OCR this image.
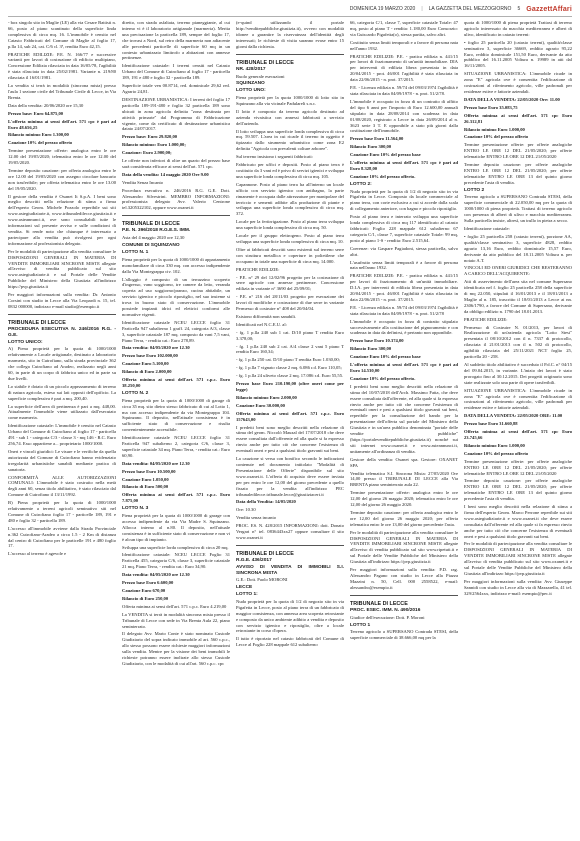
DOMENICA 19 MARZO 2020 | LA GAZZETTA DEL MEZZOGIORNO 5 GazzettAffari

- box singolo sito in Maglie (LE) alla via Cesare Battisti n. 66, posto al piano scantinato della superficie linda complessiva di circa mq. 16. L'immobile è censito nel Catasto Fabbricati del Comune di Maglie al foglio 17, p.lla 14, sub 24, cat. C/6 cl. 3ª, rendita Euro 42,15.

PRATICHE EDILIZIE: P.E. N. 166/77 e successive varianti per lavori di costruzione di edificio multipiano, Concessione Edilizia rilasciata in data 16/05/78, l'agibilità è stata rilasciata in data 25/02/1981. Variante n. 219/80 rilasciata il 16/01/1981.

La vendita si terrà in modalità (sincrona mista) presso l'aula 1 sezione civile del Tribunale Civile di Lecce, in Via Brenta.

Data della vendita: 20/06/2020 ore 15,30

Prezzo base: Euro 64.875,00

L'offerta minima ai sensi dell'art. 571 cpc è pari ad Euro 48.656,25

Rilancio minimo Euro 1.300,00

Cauzione 10% del prezzo offerto

Termine presentazione offerte: analogica entro le ore 12.00 del 19/05/2020; telematica entro le ore 12.00 del 19/05/2020.

Termine deposito cauzione: per offerta analogica entro le ore 12.00 del 19/05/2020 con assegno circolare bancario non trasferibile; per offerta telematica entro le ore 13.00 del 19/05/2020.

Il gestore della vendita è Oxanet It S.p.A. I beni sono meglio descritti nella relazione di stima a firma dell'esperto Geom. Michele Pozzolo reperibile sui siti www.astegiudiziarie.it, www.tribunaledilecce.giustizia.it e www.asteannunci.it, ove sono consultabili tutte le informazioni sul presente avviso e sulle condizioni di vendita. Si rende noto che chiunque è interessato a partecipare alla vendita può rivolgersi per ogni informazione al professionista delegato.

Per le modalità di partecipazione alla vendita consultare le DISPOSIZIONI GENERALI IN MATERIA DI VENDITE IMMOBILIARI SINCRONE MISTE allegate all'avviso di vendita pubblicato sul sito www.astegiudiziarie.it e sul Portale delle Vendite Pubbliche del Ministero della Giustizia all'indirizzo https://pvp.giustizia.it

Per maggiori informazioni sulla vendita: Dr. Antonio Corsini con studio in Lecce alla Via Leopardi n. 15, tel. 0832 000000, indirizzo e-mail studio@esempio.it

TRIBUNALE DI LECCE
PROCEDURA ESECUTIVA N. 246/2016 R.G. - G.E.
LOTTO UNICO:

A) Piena proprietà per la quota di 1000/1000 relativamente a Locale artigianale, destinato a laboratorio marmeria, sito in Cutrofiano, sulla strada provinciale 362 che collega Cutrofiano ad Aradeo, realizzato negli anni 60, in parte di un corpo di fabbrica unico ed in parte su due livelli.

Lo stabile è dotato di un piccolo appezzamento di terreno di natura agricola, esteso sui lati opposti dell'opificio. La superficie complessiva è pari a mq. 200,40.

La superficie dell'area di pertinenza è pari a mq. 448,00. Attualmente l'immobile viene utilizzato dall'esecutato come marmeria.

Identificazione catastale: L'immobile è censito nel Catasto Urbano del Comune di Cutrofiano al foglio 17 - particella 491 - sub 1 - categoria C/3 - classe 3 - mq 146 - R.C. Euro 256,74. Esso appartiene a... proprietario 1000/1000.

Oneri e vincoli giuridici: Le visure e le verifiche da quella autorizzata del Comune di Cutrofiano hanno evidenziato irregolarità urbanistiche sanabili mediante pratica di sanatoria.

CONFORMITÀ ALLE AUTORIZZAZIONI COMUNALI: L'immobile è stato costruito nella metà degli anni 60, senza titolo abilitativo, è stato rilasciato dal Comune di Cutrofiano il 13/11/1992.

B) Piena proprietà per la quota di 1000/1000 relativamente a terreni agricoli seminativo siti nel Comune di Cutrofiano foglio 17 - particelle 189, 191 e 480 e foglio 32 - particella 189.

L'accesso all'immobile avviene dalla Strada Provinciale n.362 Cutrofiano-Aradeo a circa 1.5 - 2 Km di distanza dal centro di Cutrofiano per le particelle 191 e 480 foglio 17.

L'accesso al terreno è agevole e

diretto, con strada asfaltata, terreno pianeggiante, al cui interno vi è il laboratorio artigianale (marmeria). Merita una precisazione la particella 189, sempre del foglio 17, che trovasi a Nord, sul retro della marmeria non adiacente alle precedenti particelle di superficie 60 mq in un contesto urbanizzato limitrofo a abitazioni con annesse pertinenze.

Identificazione catastale: I terreni censiti nel Catasto Urbano del Comune di Cutrofiano al foglio 17 - particella 189, 191 e 480 e foglio 32 - particella 189.

Superficie totale ven 00.8714, red. dominicale 29,62 red. Agrario 24,81.

DESTINAZIONE URBANISTICA: I terreni del foglio 17 particella 189-191-480 e foglio 32 particella 189 sono ubicati in zona agricola definita "zona destinata per attività primarie" dal Programma di Fabbricazione vigente, come da certificato di destinazione urbanistica datato 24/07/2017.

Prezzo base: Euro 29.820,00

Rilancio minimo: Euro 1.000,00;

Cauzione: Euro 2.900,00;

Le offerte non inferiori di oltre un quarto del prezzo base sarà considerata efficace ai sensi dell'art. 571 cpc.

Data della vendita: 14 maggio 2020 Ore 9.00

Vendita Senza Incanto

Procedura esecutiva n. 246/2016 R.G. G.E. Dott. Alessandro Silvestrini. MEMBRO INFORMAZIONI: professionista delegato Avv. Valerio Centrone tel.3205322102, oppure www.oxanet.it

TRIBUNALE DI LECCE
P.E. N. 396/2018 R.G.E.S. IMM.

Asta del 4 maggio 2020 ore 12,30

COMUNE DI SQUINZANO
LOTTO N. 1

Piena proprietà per la quota di 1000/1000 di appartamento monofamiliare di circa 330 mq. con accesso indipendente dalla Via Montegrappa civ. 102.

L'alloggio è composto di un terrazzino scoperto d'ingresso, vano soggiorno, tre camere da letto, veranda coperta ad uso soggiorno/pranzo, cucina abitabile, un servizio igienico e piccolo ripostiglio, nel suo insieme si trova in buono stato di conservazione. L'immobile possiede impianti idrici ed elettrici conformi alle normative vigenti.

Identificazione catastale NCEU LECCE foglio 31 Particella 947 subalterno 1 graff. 24, categoria A/3, classe 3, superficie catastale 187 mq. composto da vani 7,5 vani, Piano Terra, - rendita cat.: Euro 278,89.

Data vendita: 04/05/2020 ore 12.30

Prezzo base Euro 102.000,00

Cauzione Euro 5.100,00

Rilancio di Euro 2.000,00

Offerta minima ai sensi dell'art. 571 c.p.c. Euro 38.250,00

LOTTO N. 2

Piena proprietà per la quota di 1000/1000 di garage di circa 35 mq. sito dietro stesso fabbricato di cui al Lotto 1, ma con accesso indipendente da via Montegrappa 104. Squinzano. Il deposito, nell'attuale consistenza è in sufficiente stato di conservazione e risulta convenientemente accessibile.

Identificazione catastale NCEU LECCE foglio 31 Particella 947 subalterno 2, categoria C/6, classe 3, superficie catastale 34 mq. Piano Terra, - rendita cat.: Euro 60,90.

Data vendita: 04/05/2020 ore 12.30

Prezzo base Euro 10.500,00

Cauzione Euro 1.050,00

Rilancio di Euro 500,00

Offerta minima ai sensi dell'art. 571 c.p.c. Euro 7.875,00

LOTTO N. 3

Piena proprietà per la quota di 1000/1000 di garage con accesso indipendente da via Via Madre S. Squinzano. Allocca interno al n.80. Il deposito, nell'attuale consistenza è in sufficiente stato di conservazione e non vi è alcun tipo di impianto.

Sviluppa una superficie lorda complessiva di circa 20 mq.

Identificazione catastale: NCEU LECCE Foglio 31 Particella 455, categoria C/6, classe 3, superficie catastale 21 mq, Piano Terra, - rendita cat.: Euro 34,90.

Data vendita: 04/05/2020 ore 12.30

Prezzo base Euro 6.600,00

Cauzione Euro 670,00

Rilancio di Euro 250,00

Offerta minima ai sensi dell'art. 571 c.p.c. Euro 4.219,00

La VENDITA si terrà in modalità sincrona mista presso il Tribunale di Lecce con sede in Via Brenta Aula 22, piano seminterrato.

Il delegato Avv. Mario Conte è stato nominato Custode Giudiziario del sopra indicato immobile al art. 560 c.p.c., allo stesso possono essere richieste maggiori informazioni sulla vendita. Mentre per la visione dei beni immobili le richieste potranno essere inoltrate allo stesso Custode Giudiziario, con le modalità di cui all'art. 560 c.p.c. cpc

(e-quind utilizzando il portale http://venditepubbliche.giustizia.it), ovvero con modalità idonee a garantire la riservatezza dell'identità degli interessati; le richieste di visita saranno evase entro 15 giorni dalla richiesta.

TRIBUNALE DI LECCE
NR. 428/2017

Ruolo generale esecuzioni

SQUINZANO
LOTTO UNO:

Piena proprietà per la quota 1000/1000 di lotto sito in Squinzano alla via vicinale Padulareli s.n.c.

Il lotto è composto da terreno agricolo destinato ad azienda vivaistica con annessi fabbricati a servizio dell'azienda.

Il lotto sviluppa una superficie londa complessiva di circa mq. 59.507. L'area in cui ricade il terreno in oggetto è tipizzato dallo strumento urbanistico come zona E2 definita "Agricola con prevalenti colture arboree".

Sul terreno insistono i seguenti fabbricati:

Fabbricato per uffici e depositi. Posto al piano terra è costituito da 3 vani ed è privo di servizi igienici e sviluppa una superficie londa complessiva di circa mq. 105.

Capannone. Posto al piano terra ha all'interno un locale ufficio con servizio igienico con antibagno, la parte rimanente è occupata dalle attrezzature per manipolare del terriccio e sementi adibite alla produzione di piante e sviluppa una superficie londa complessiva di circa mq. 372.

Locale per la fertirrigazione. Posto al piano terra sviluppa una superficie londa complessiva di circa mq. 50.

Locale per il gruppo elettrogeno. Posto al piano terra sviluppa una superficie londa complessiva di circa mq. 10.

Oltre ai fabbricati descritti sono esistenti sul terreno serre con struttura metallica e coperture in polietilene che occupano in totale una superficie di circa mq. 14.000.

PRATICHE EDILIZIE:

- P.E. n° 29 del 12/02/96 progetto per la costruzione di serre agricole con annesse pertinenze. Concessione edilizia in variante n° 3690 del 25/09/01;

- P.E. n° 216 del 28/11/03 progetto per esecuzione dei lavori di modifiche e costruzione di due serre in variante Permesso di costruire n° 408 del 20/04/04.

Esistono difformità non sanabili.

Identificati nel N.C.E.U. al:

- fg. 1 p.lla 240 sub 1 cat. D/10 piano T rendita Euro 3.378,00;

- fg. 1 p.lla 240 sub 2 cat. A/4 classe 2 vani 5 piano T rendita Euro 160,34;

- fg. 1 p.lla 250 cat. D/10 piano T rendita Euro 1.030,00;

- fg. 1 p.lla 7 vignato classe 2 mq. 6.086 r.d. Euro 110,05;

- fg. 1 p.lla 24 uliveto classe 2 mq. 17.086 r.d. Euro 55,55.

Prezzo base Euro 210.190,00 (oltre oneri come per legge)

Rilancio minimo Euro 2.000,00

Cauzione Euro 30.000,00

Offerta minima ai sensi dell'art. 571 c.p.c. Euro 157643,00

I predetti beni sono meglio descritti nella relazione di stima del geom. Niccolò Mauzal del 17/07/2018 che deve essere consultata dall'offerente ed alla quale si fa espresso rinvio anche per tutto ciò che concerne l'esistenza di eventuali oneri e pesi a qualsiasi titolo gravanti sui beni.

La cauzione si versa con bonifico secondo le indicazioni contenute nel documento intitolato "Modalità di Presentazione delle Offerte" disponibile sul sito www.oxanet.it. L'offerta di acquisto deve essere inviata per pec entro le ore 12,00 del giorno precedente a quello fissato per la vendita all'indirizzo PEC tribunaledilecce.tribunale.lecce@giustiziacert.it

Data della Vendita: 14/05/2020

Ore: 10.30

Vendita senza incanto

PROC. ES. N. 428/2015 INFORMAZIONI: dott. Donato Vergari n° tel. 0836443xx27 oppure consultare il sito www.oxanet.it

TRIBUNALE DI LECCE
R.G.E. 436/2017
AVVISO DI VENDITA DI IMMOBILI S.I. SINCRONA MISTA

G.E.: Dott. Paolo MORONI

LECCE
LOTTO 1:

Nuda proprietà per la quota di 1/2 di negozio sito in via Pigafetta in Lecce, posto al piano terra di un fabbricato di maggior consistenza, con annessa area scoperta retrostante e composto da unico ambiente adibito a vendita e deposito con servizio igienico e ripostiglio, oltre a locale retrostante in corso d'opera.

Il tutto è riportato nel catasto fabbricati del Comune di Lecce al Foglio 228 mappale 612 subalterno

66, categoria C/1, classe 7, superficie catastale Totale: 47 mq, posto al piano T - rendita: 1.180,00 Euro Consorzio: via Guiscardo Pigafetta(o), stessa partita, salvo altri.

Costituito senza limiti temporali e a favore di persona nata nell'anno 1932.

PRATICHE EDILIZIE: P.E. - pratica edilizia n. 441/15 per lavori di frazionamento di un'unità immobiliare. DIA per interventi di edilizia libera presentata in data 20/04/2015 - prot. 46/001 l'agibilità è stata rilasciata in data 22/06/2015 - n. prot. 37/2015.

P.E. - Licenza edilizia n. 59/74 del 09/03/1974 l'agibilità è stata rilasciata in data 04/09/1978 - n. prot. 51/2/78.

L'immobile è occupato in forza di un contratto di affitto del tipo 6 anni per l'importo di Euro 12.600,00 annuali stipulato in data 28/08/2014 con scadenza in data 01/08/2020, registrato a Lecce in data 26/09/2014 al n. 3623 serie 3 T. E opponibile a stato più giorni dalla costituzione dell'immobile.

Prezzo base Euro 11.564,00

Rilancio Euro 300,00

Cauzione Euro 10% del prezzo base

L'offerta minima ai sensi dell'art. 571 cpc è pari ad Euro 8.328,00

Cauzione 10% del prezzo offerto.

LOTTO 2:

Nuda proprietà per la quota di 1/2 di negozio sito in via Pigafetta in Lecce. Composto da locale commerciale al piano terra, con corte esclusiva a cui si accede dalla scala di collegamento anteriore, con bagno e piccolo ripostiglio.

Posto al piano terra e interrato sviluppa una superficie londa complessiva di circa mq 117 identificato al catasto fabbricati: Foglio 228 mappale 612 subalterno 67 categoria C/1, classe 7, superficie catastale Totale: 99 mq, posto al piano 1-S - rendita: Euro 2.515,64.

Coerenze: via Gaspare Pagiadoni, stessa particella, salvo altri.

L'usufrutto senza limiti temporali è a favore di persona nata nell'anno 1932.

PRATICHE EDILIZIE: P.E. - pratica edilizia n. 441/15 per lavori di frazionamento di un'unità immobiliare. D.I.A. per interventi di edilizia libera presentata in data 20/04/2015 - prot. 46/001 l'agibilità è stata rilasciata in data 22/06/2015 - n. prot. 37/2015.

P.E. - Licenza edilizia n. 59/74 del 09/03/1974 l'agibilità è stata rilasciata in data 04/09/1978 - n. prot. 51/2/78

L'immobile è occupato in forza di contratto stipulato successivamente alla costituzione del pignoramento e con scadenza in data da definirsi, è pertanto non opponibile.

Prezzo base Euro 10.374,00

Rilancio Euro 300,00

Cauzione Euro 10% del prezzo base

L'offerta minima ai sensi dell'art. 571 cpc è pari ad Euro 14.530,00

Cauzione 10% del prezzo offerto.

I predetti beni sono meglio descritti nella relazione di stima del 10/07/2018 dell'Arch. Massimo Fatta, che deve essere consultata dall'offerente, ed alla quale si fa espresso rinvio anche per tutto ciò che concerne l'esistenza di eventuali oneri e pesi a qualsiasi titolo gravanti sui beni, reperibile per la consultazione del bando per la presentazione dell'offerta sul portale del Ministero della Giustizia e in un'area pubblica denominata "portale delle vendite pubbliche" (https://portalevenditepubbliche.giustizia.it) nonché sui siti internet www.oxanet.it e www.asteannunci.it, unitamente all'ordinanza di vendita.

Gestore della vendita: Oxanet spa. Gestore: OXANET SPA

Vendita telematica S.I. Sincrona Mista: 27/05/2020 Ore 14,00 presso il TRIBUNALE DI LECCE alla Via BRENTA piano seminterrato aula 22.

Termine presentazione offerte: analogica entro le ore 12,00 del giorno 26 maggio 2020; telematica entro le ore 12,00 del giorno 26 maggio 2020.

Termine deposito cauzione: per offerta analogica entro le ore 12,00 del giorno 26 maggio 2020; per offerta telematica entro le ore 13,00 del giorno precedente l'asta.

Per le modalità di partecipazione alla vendita consultare le DISPOSIZIONI GENERALI IN MATERIA DI VENDITE IMMOBILIARI SINCRONE MISTE allegate all'avviso di vendita pubblicato sul sito www.ripetuti.it e sul Portale delle Vendite Pubbliche del Ministero della Giustizia all'indirizzo https://pvp.giustizia.it

Per maggiori informazioni sulla vendita: P.D. rag. Alessandro Pagano con studio in Lecce alla Piazza Mazzini n. 50, Cell. 000 2558522, e-mail: alessandro@esempio.it

TRIBUNALE DI LECCE
PROC. ESEC. IMM. N. 490/2016

Giudice dell'esecuzione: Dott. P. Moroni

LOTTO 1

Terreno agricolo a SUPERSANO Contrada STESI, della superficie commerciale di 38.666,00 mq per la

quota di 1000/1000 di piena proprietà Trattasi di terreno agricolo interessato da macchia mediterranea e alberi di ulivo, identificato in catasto terreni:

• foglio 25 particella 20 (catasto terreni), qualità/classe seminativo 3, superficie 36669, reddito agrario 95,22 Euro, reddito dominicale 151,50 Euro, derivante da atto pubblico del 16.11.2005 Voltura n. 19989 in atti dal 16/11/2005.

SITUAZIONE URBANISTICA: L'immobile ricade in zona "E" agricola ove è consentita l'edificazione di costruzioni al riferimento agricolo, ville padronali per residenze estive e fattorie aziendali.

DATA DELLA VENDITA: 22/05/2020 Ore: 11.00

Prezzo base Euro 35.083,75

Offerta minima ai sensi dell'art. 571 cpc Euro 26.312,81

Rilancio minimo Euro 1.000,00

Cauzione 10% del prezzo offerto

Termine presentazione offerte: per offerte analogiche ENTRO LE ORE 12 DEL 21/05/2020; per offerte telematiche ENTRO LE ORE 12 DEL 21/05/2020

Termine deposito cauzione: per offerte analogiche ENTRO LE ORE 12 DEL 21/05/2020; per offerte telematiche ENTRO LE ORE 13 del quinto giorno precedente l'asta di vendita.

LOTTO 2

Terreno agricolo a SUPERSANO Contrada STESI, della superficie commerciale di 22.050,00 mq per la quota di 1000/1000 di piena proprietà. Trattasi di terreno agricolo con presenza di alberi di ulivo e macchia mediterranea. Sulla particella insiste, altresì, un trullo in pietra a secco.

Identificazione catastale:

• foglio 25 particella 258 (catasto terreni), porzione AA, qualità/classe seminativo 3, superficie 4828, reddito agrario 13,16 Euro, reddito dominicale 15,57 Euro, derivante da atto pubblico del 18.11.2005 Voltura n. per notaio A.T.

VINCOLI ED ONERI GIURIDICI CHE RESTERANNO A CARICO DELL'ACQUIRENTE:

Atti di asservimento dell'area sita nel comune Supersano identificata nel f. foglio 25 particella 258 della superficie di mq 22.050, stipulati il 16/01/2013 e il 18/01/2013 a Maglie al n. 185, trascritto il 18/01/2013 a Lecce ai nn. 2306/1790, a favore del Comune di Supersano, derivante da obbligo edilizio n. 1790 del 18.01.2013.

PRATICHE EDILIZIE:

Permesso di Costruire N. 01/2013, per lavori di Realizzazione di un'azienda agricola "Lotto Stesi" presentata il 08/10/2012 con il n. 7337 di protocollo, rilasciata il 21/01/2013 con il n. 502 di protocollo, agibilità rilasciata del 25/11/2021 NCT foglio 25, particella 20 - 258.

Al suddetto titolo abilitativo è succeduto il P.d.C. n° 04/15 del 09.04.2015, in variante. L'inizio dei lavori è stato prorogato fino al 30.12.2015. Dei progetti originario sono state realizzate solo una parte di opere trasferibili.

SITUAZIONE URBANISTICA: L'immobile ricade in zona "E" agricola ove è consentita l'edificazione di costruzioni al riferimento agricolo, ville padronali per residenze estive e fattorie aziendali.

DATA DELLA VENDITA: 22/05/2020 ORE: 11.00

Prezzo base Euro 31.660,88

Offerta minima ai sensi dell'art. 571 cpc Euro 23.745,66

Rilancio minimo Euro 1.000,00

Cauzione 10% del prezzo offerto

Termine presentazione offerte: per offerte analogiche ENTRO LE ORE 12 DEL 21/05/2020; per offerte telematiche ENTRO LE ORE 12 DEL 21/05/2020

Termine deposito cauzione: per offerte analogiche ENTRO LE ORE 12 DEL 21/05/2020; per offerte telematiche ENTRO LE ORE 13 del quinto giorno precedente l'asta di vendita.

I beni sono meglio descritti nella relazione di stima a firma dell'esperto Geom. Marco Perrone reperibile sui siti www.astegiudiziarie.it e www.oxanet.it che deve essere consultata dall'offerente ed alla quale si fa espresso rinvio anche per tutto ciò che concerne l'esistenza di eventuali oneri e pesi a qualsiasi titolo gravanti sui beni.

Per le modalità di partecipazione alla vendita consultare le DISPOSIZIONI GENERALI IN MATERIA DI VENDITE IMMOBILIARI SINCRONE MISTE allegate all'avviso di vendita pubblicato sul sito www.oxanet.it e sul Portale delle Vendite Pubbliche del Ministero della Giustizia all'indirizzo https://pvp.giustizia.it

Per maggiori informazioni sulla vendita: Avv. Giuseppe Sannidi con studio in Lecce alla via di Mazzarella, 41 tel. 329/2564xxx, indirizzo e-mail: esempio@pec.it
